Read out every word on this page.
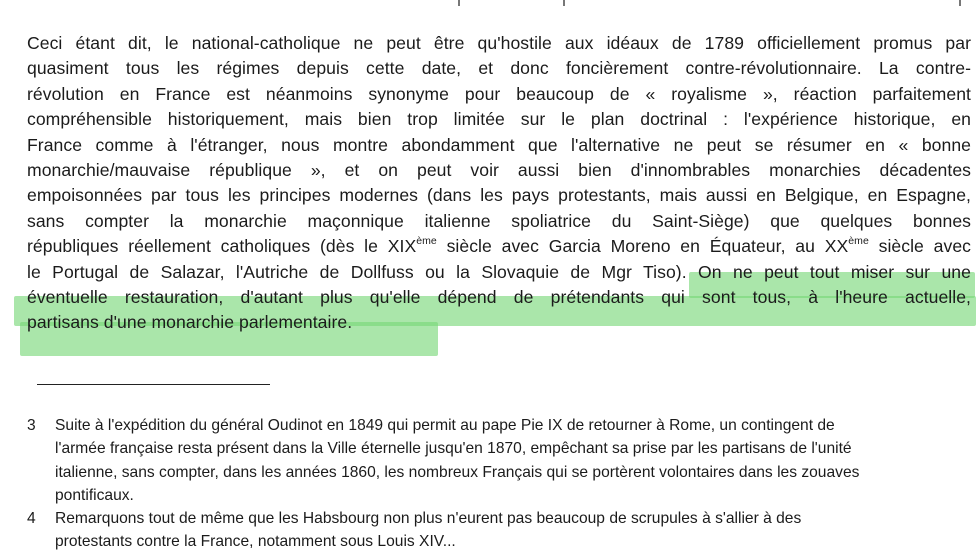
Ceci étant dit, le national-catholique ne peut être qu'hostile aux idéaux de 1789 officiellement promus par
quasiment tous les régimes depuis cette date, et donc foncièrement contre-révolutionnaire. La contre-
révolution en France est néanmoins synonyme pour beaucoup de « royalisme », réaction parfaitement
compréhensible historiquement, mais bien trop limitée sur le plan doctrinal : l'expérience historique, en
France comme à l'étranger, nous montre abondamment que l'alternative ne peut se résumer en « bonne
monarchie/mauvaise république », et on peut voir aussi bien d'innombrables monarchies décadentes
empoisonnées par tous les principes modernes (dans les pays protestants, mais aussi en Belgique, en Espagne,
sans compter la monarchie maçonnique italienne spoliatrice du Saint-Siège) que quelques bonnes
républiques réellement catholiques (dès le XIXème siècle avec Garcia Moreno en Équateur, au XXème siècle avec
le Portugal de Salazar, l'Autriche de Dollfuss ou la Slovaquie de Mgr Tiso). On ne peut tout miser sur une
éventuelle restauration, d'autant plus qu'elle dépend de prétendants qui sont tous, à l'heure actuelle,
partisans d'une monarchie parlementaire.
3 Suite à l'expédition du général Oudinot en 1849 qui permit au pape Pie IX de retourner à Rome, un contingent de
l'armée française resta présent dans la Ville éternelle jusqu'en 1870, empêchant sa prise par les partisans de l'unité
italienne, sans compter, dans les années 1860, les nombreux Français qui se portèrent volontaires dans les zouaves
pontificaux.
4 Remarquons tout de même que les Habsbourg non plus n'eurent pas beaucoup de scrupules à s'allier à des
protestants contre la France, notamment sous Louis XIV...
